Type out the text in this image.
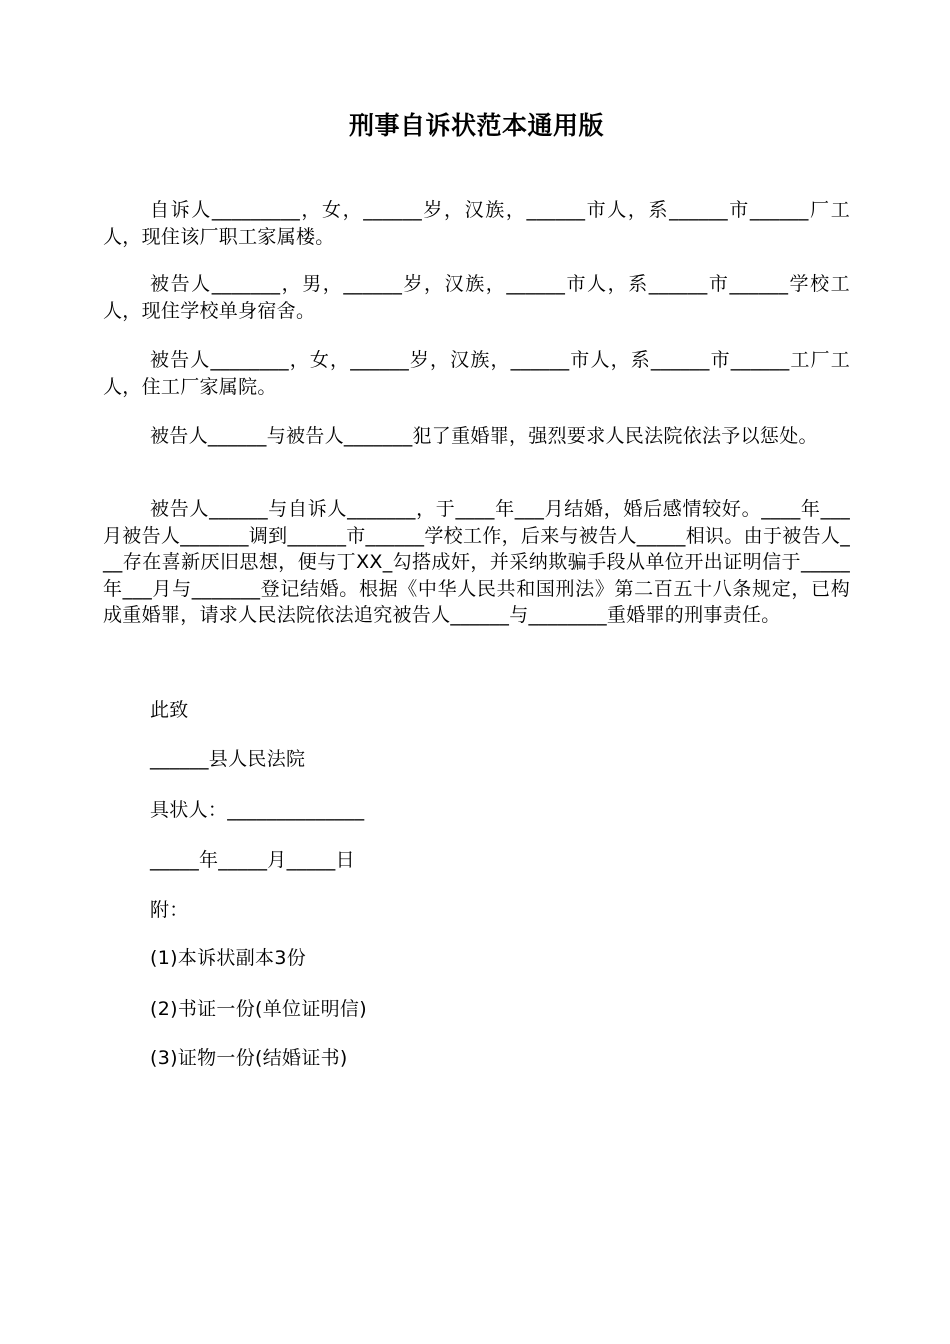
刑事自诉状范本通用版

自诉人_________，女，______岁，汉族，______市人，系______市______厂工人，现住该厂职工家属楼。

被告人_______，男，______岁，汉族，______市人，系______市______学校工人，现住学校单身宿舍。

被告人________，女，______岁，汉族，______市人，系______市______工厂工人，住工厂家属院。

被告人______与被告人_______犯了重婚罪，强烈要求人民法院依法予以惩处。

被告人______与自诉人_______，于____年___月结婚，婚后感情较好。____年___月被告人_______调到______市______学校工作，后来与被告人_____相识。由于被告人___存在喜新厌旧思想，便与丁XX_勾搭成奸，并采纳欺骗手段从单位开出证明信于_____年___月与_______登记结婚。根据《中华人民共和国刑法》第二百五十八条规定，已构成重婚罪，请求人民法院依法追究被告人______与________重婚罪的刑事责任。

此致
______县人民法院
具状人：______________
_____年_____月_____日
附：
(1)本诉状副本3份
(2)书证一份(单位证明信)
(3)证物一份(结婚证书)
